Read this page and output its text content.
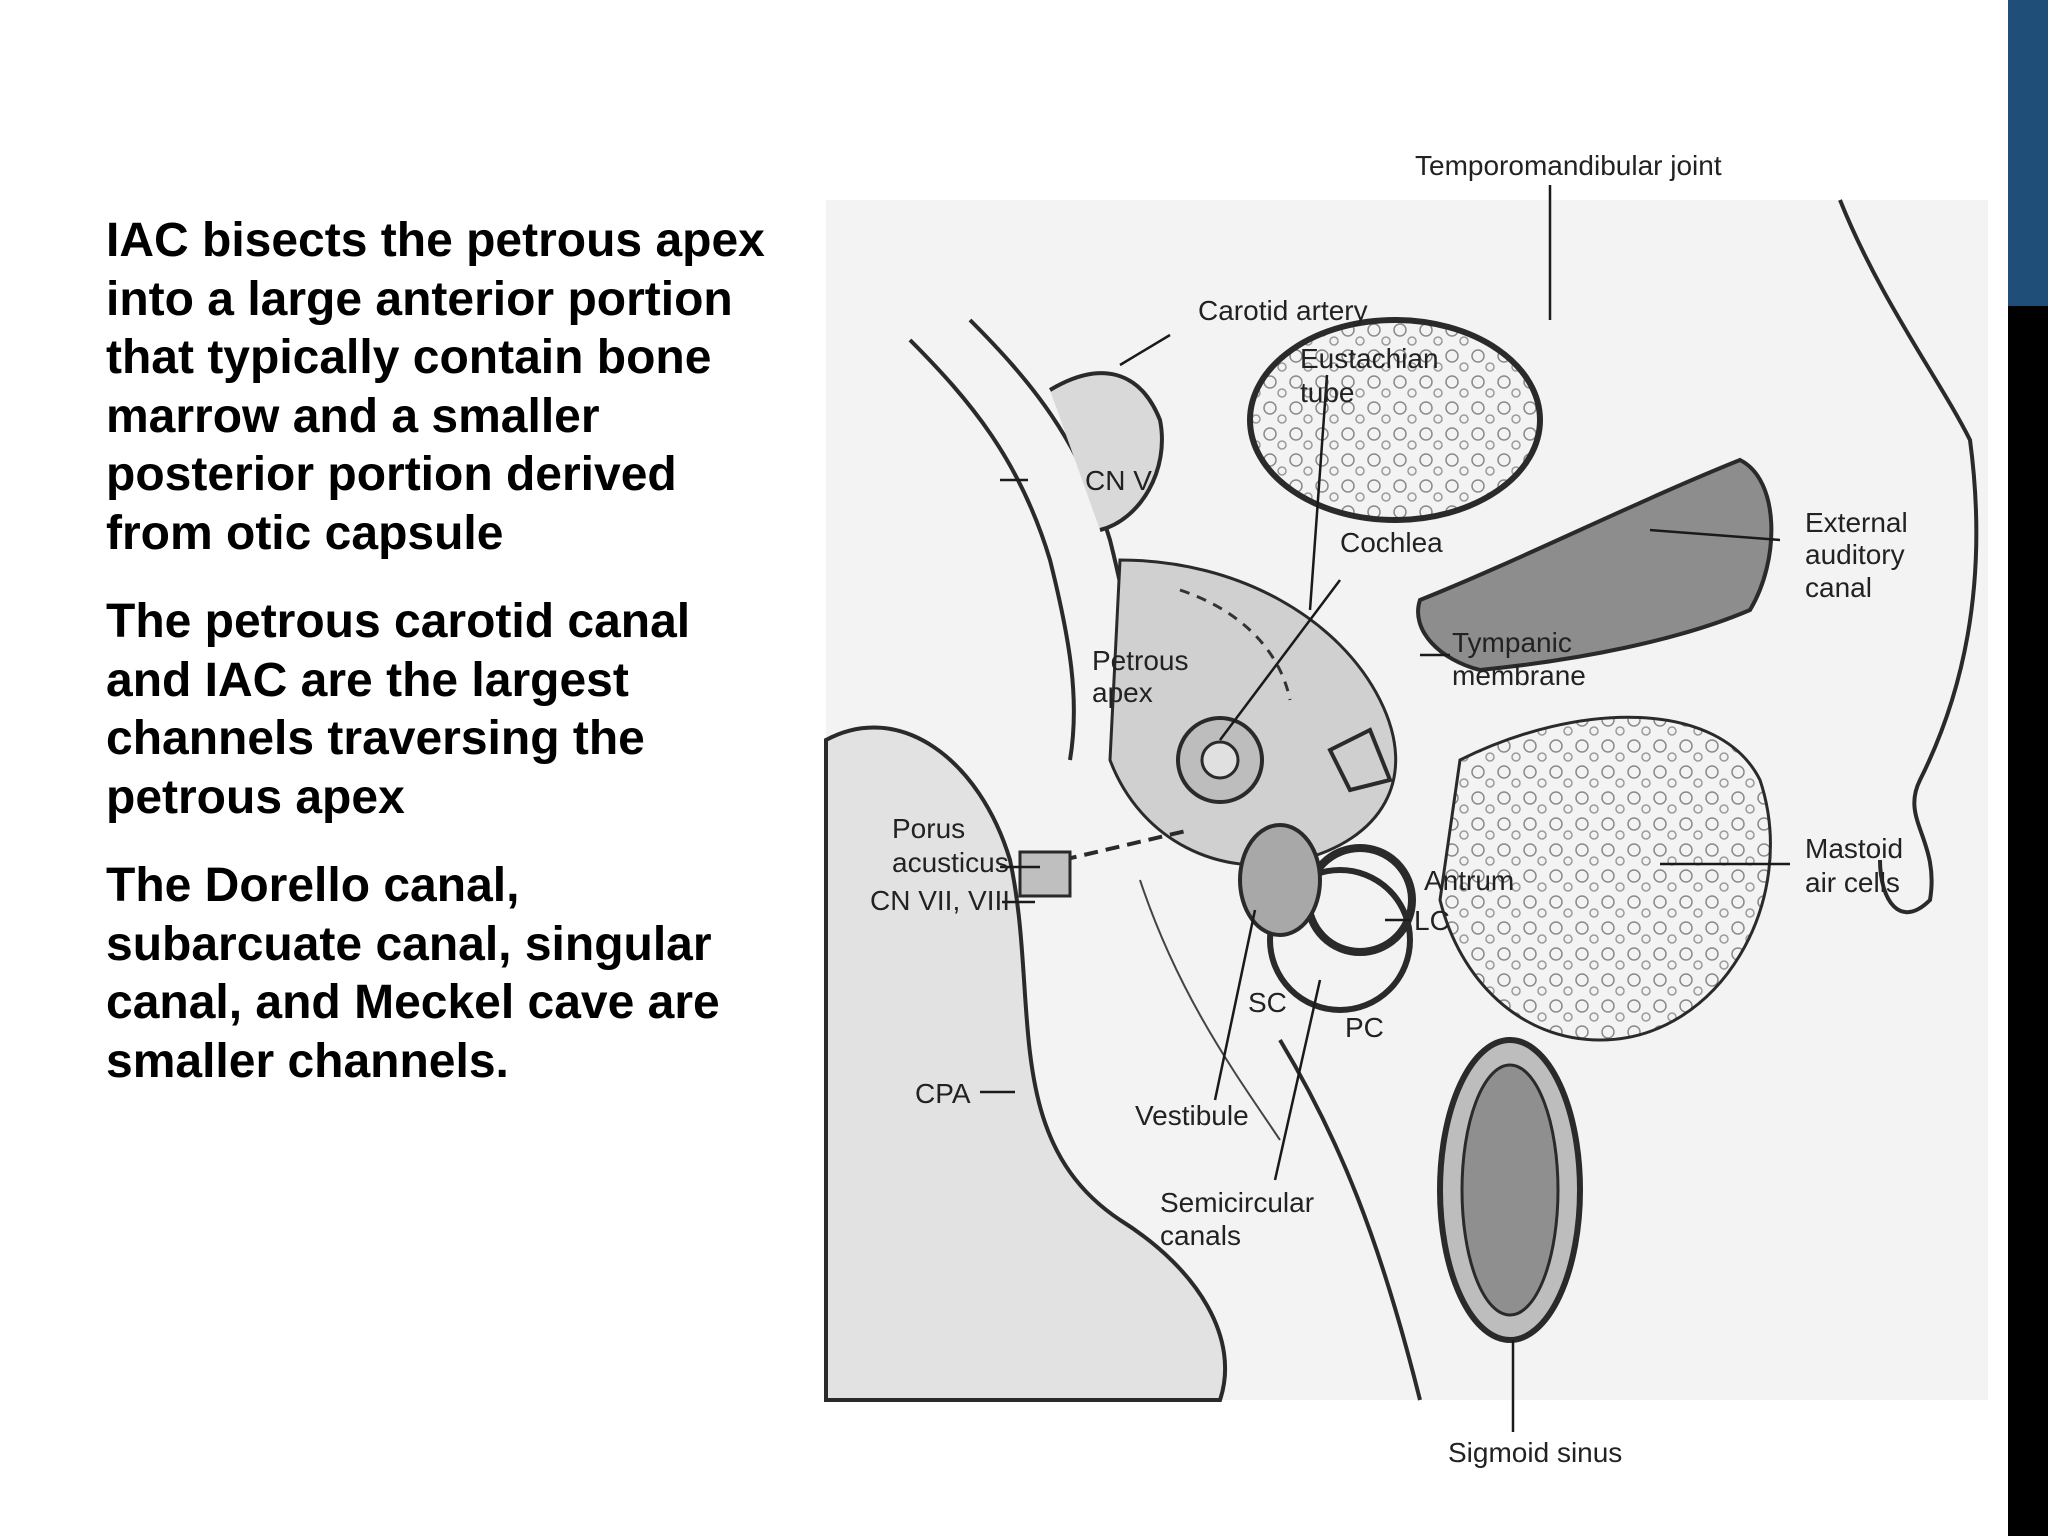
IAC bisects the petrous apex into a large anterior portion that typically contain bone marrow and a smaller posterior portion derived from otic capsule

The petrous carotid canal and IAC are the largest channels traversing the petrous apex

The Dorello canal, subarcuate canal, singular canal, and Meckel cave are smaller channels.

Temporomandibular joint
Carotid artery
Eustachian
tube
CN V
Cochlea
External
auditory
canal
Petrous
apex
Tympanic
membrane
Porus
acusticus
CN VII, VIII
Antrum
LC
Mastoid
air cells
SC
PC
CPA
Vestibule
Semicircular
canals
Sigmoid sinus
